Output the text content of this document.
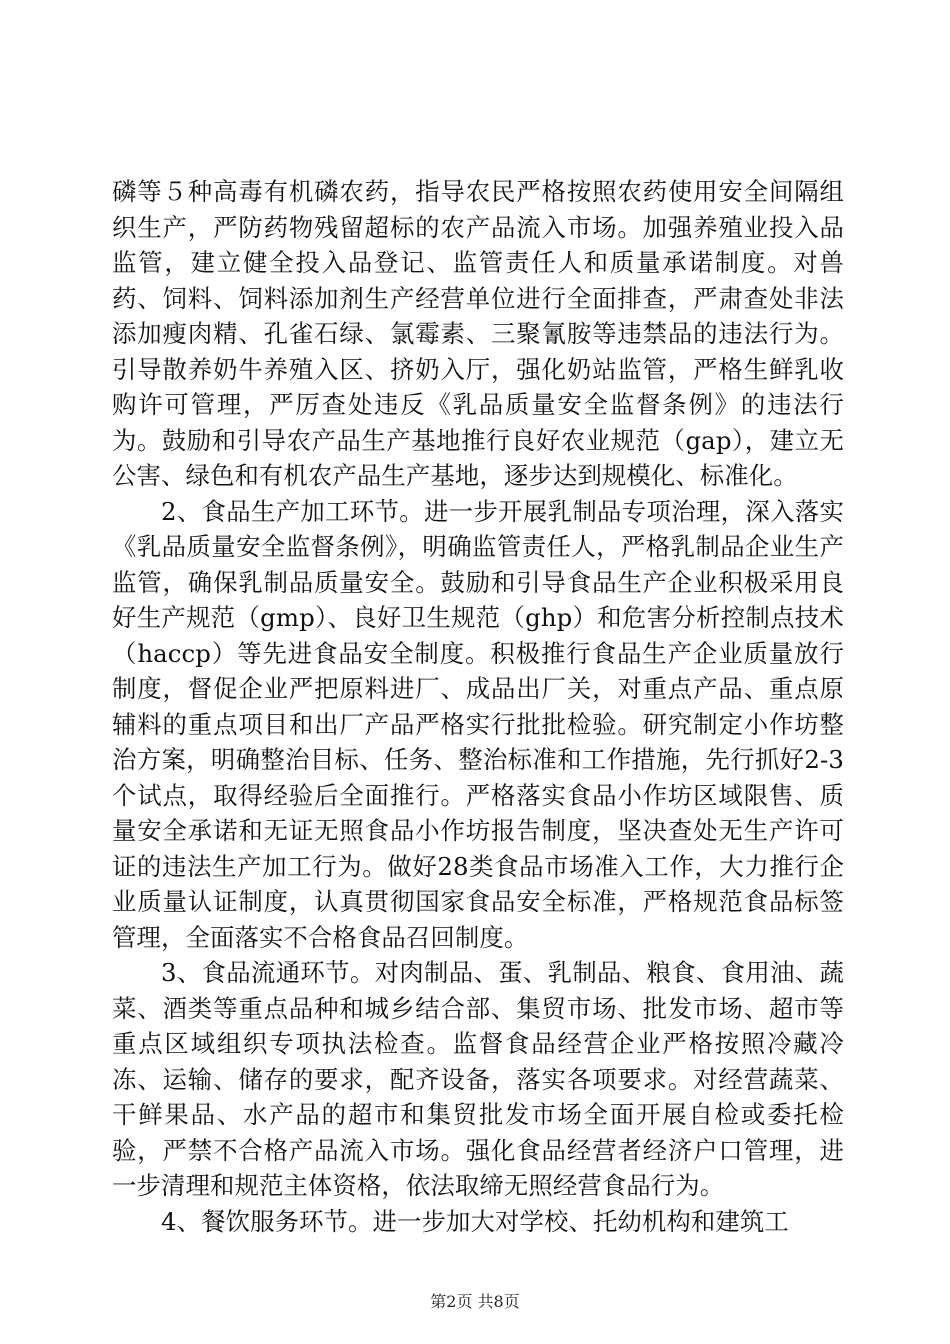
磷等５种高毒有机磷农药，指导农民严格按照农药使用安全间隔组织生产，严防药物残留超标的农产品流入市场。加强养殖业投入品监管，建立健全投入品登记、监管责任人和质量承诺制度。对兽药、饲料、饲料添加剂生产经营单位进行全面排查，严肃查处非法添加瘦肉精、孔雀石绿、氯霉素、三聚氰胺等违禁品的违法行为。引导散养奶牛养殖入区、挤奶入厅，强化奶站监管，严格生鲜乳收购许可管理，严厉查处违反《乳品质量安全监督条例》的违法行为。鼓励和引导农产品生产基地推行良好农业规范（gap），建立无公害、绿色和有机农产品生产基地，逐步达到规模化、标准化。

2、食品生产加工环节。进一步开展乳制品专项治理，深入落实《乳品质量安全监督条例》，明确监管责任人，严格乳制品企业生产监管，确保乳制品质量安全。鼓励和引导食品生产企业积极采用良好生产规范（gmp）、良好卫生规范（ghp）和危害分析控制点技术（haccp）等先进食品安全制度。积极推行食品生产企业质量放行制度，督促企业严把原料进厂、成品出厂关，对重点产品、重点原辅料的重点项目和出厂产品严格实行批批检验。研究制定小作坊整治方案，明确整治目标、任务、整治标准和工作措施，先行抓好2-3个试点，取得经验后全面推行。严格落实食品小作坊区域限售、质量安全承诺和无证无照食品小作坊报告制度，坚决查处无生产许可证的违法生产加工行为。做好28类食品市场准入工作，大力推行企业质量认证制度，认真贯彻国家食品安全标准，严格规范食品标签管理，全面落实不合格食品召回制度。

3、食品流通环节。对肉制品、蛋、乳制品、粮食、食用油、蔬菜、酒类等重点品种和城乡结合部、集贸市场、批发市场、超市等重点区域组织专项执法检查。监督食品经营企业严格按照冷藏冷冻、运输、储存的要求，配齐设备，落实各项要求。对经营蔬菜、干鲜果品、水产品的超市和集贸批发市场全面开展自检或委托检验，严禁不合格产品流入市场。强化食品经营者经济户口管理，进一步清理和规范主体资格，依法取缔无照经营食品行为。

4、餐饮服务环节。进一步加大对学校、托幼机构和建筑工

第2页 共8页
